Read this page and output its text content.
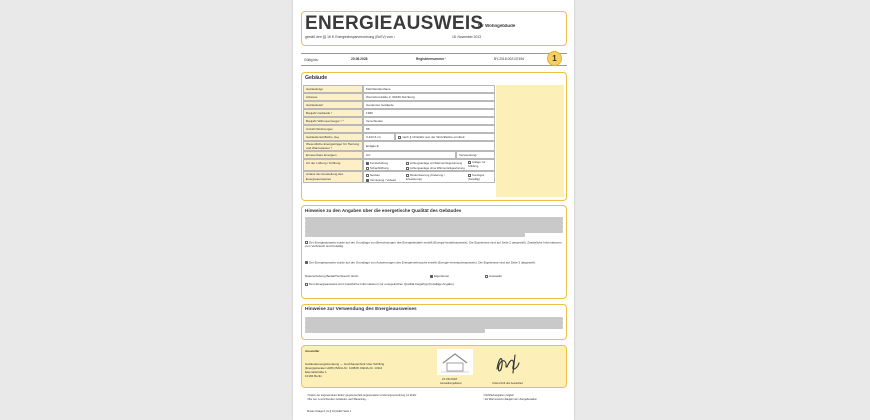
ENERGIEAUSWEIS
für Wohngebäude
gemäß den §§ 16 ff. Energieeinsparverordnung (EnEV) vom ¹	18. November 2013
Gültig bis:	20.08.2028	Registriernummer ²	BY-2018-002137494	1
Gebäude
Gebäudetyp	Mehrfamilienhaus
Adresse	Wernitzerstraße 2, 90439 Nürnberg
Gebäudeteil	Gesamtes Gebäude
Baujahr Gebäude ³	1960
Baujahr Wärmeerzeuger ³ ⁴	Verschieden
Anzahl Wohnungen	88
Gebäudenutzfläche (Aₙ)	3.443,6 m²	nach § 19 EnEV aus der Wohnfläche ermittelt
Wesentliche Energieträger für Heizung und Warmwasser ³	Erdgas E
Erneuerbare Energien	Art:	Verwendung:
Art der Lüftung / Kühlung	Fensterlüftung
Schachtlüftung
Lüftungsanlage mit Wärmerückgewinnung
Lüftungsanlage ohne Wärmerückgewinnung
Anlage zur Kühlung
Anlass der Ausstellung des Energieausweises
Neubau
Vermietung / Verkauf
Modernisierung (Änderung / Erweiterung)
Sonstiges (freiwillig)
Hinweise zu den Angaben über die energetische Qualität des Gebäudes
Der Energieausweis wurde auf der Grundlage von Berechnungen des Energiebedarfs erstellt (Energie-bedarfsausweis). Die Ergebnisse sind auf Seite 2 dargestellt. Zusätzliche Informationen zum Verbrauch sind freiwillig.
Der Energieausweis wurde auf der Grundlage von Auswertungen des Energieverbrauchs erstellt (Energie-verbrauchsausweis). Die Ergebnisse sind auf Seite 3 dargestellt.
Datenerhebung Bedarf/Verbrauch durch:	Eigentümer	Aussteller
Dem Energieausweis sind zusätzliche Informationen zur energetischen Qualität beigefügt (freiwillige Angabe).
Hinweise zur Verwendung des Energieausweises
Aussteller
Gebäudeenergieberatung — Hochbautechnik Uwe Schilling
(Energieberater HWK) BAFA-Nr. 110848, DENA-Nr. 13114
Eisenaltstraße 1
10184 Berlin
21.08.2018
Ausstellungsdatum	Unterschrift des Ausstellers
¹ Datum der angewendeten EnEV, gegebenenfalls angewendeten Änderungsverordnung zur EnEV
² Bei neu zu errichtenden Gebäuden nach Bauantrag ...
³ Mehrfachangaben möglich
⁴ bei Wärmenetzen Baujahr der Übergabestation
Muster Anlage 6 (zu § 16) EnEV Seite 1
